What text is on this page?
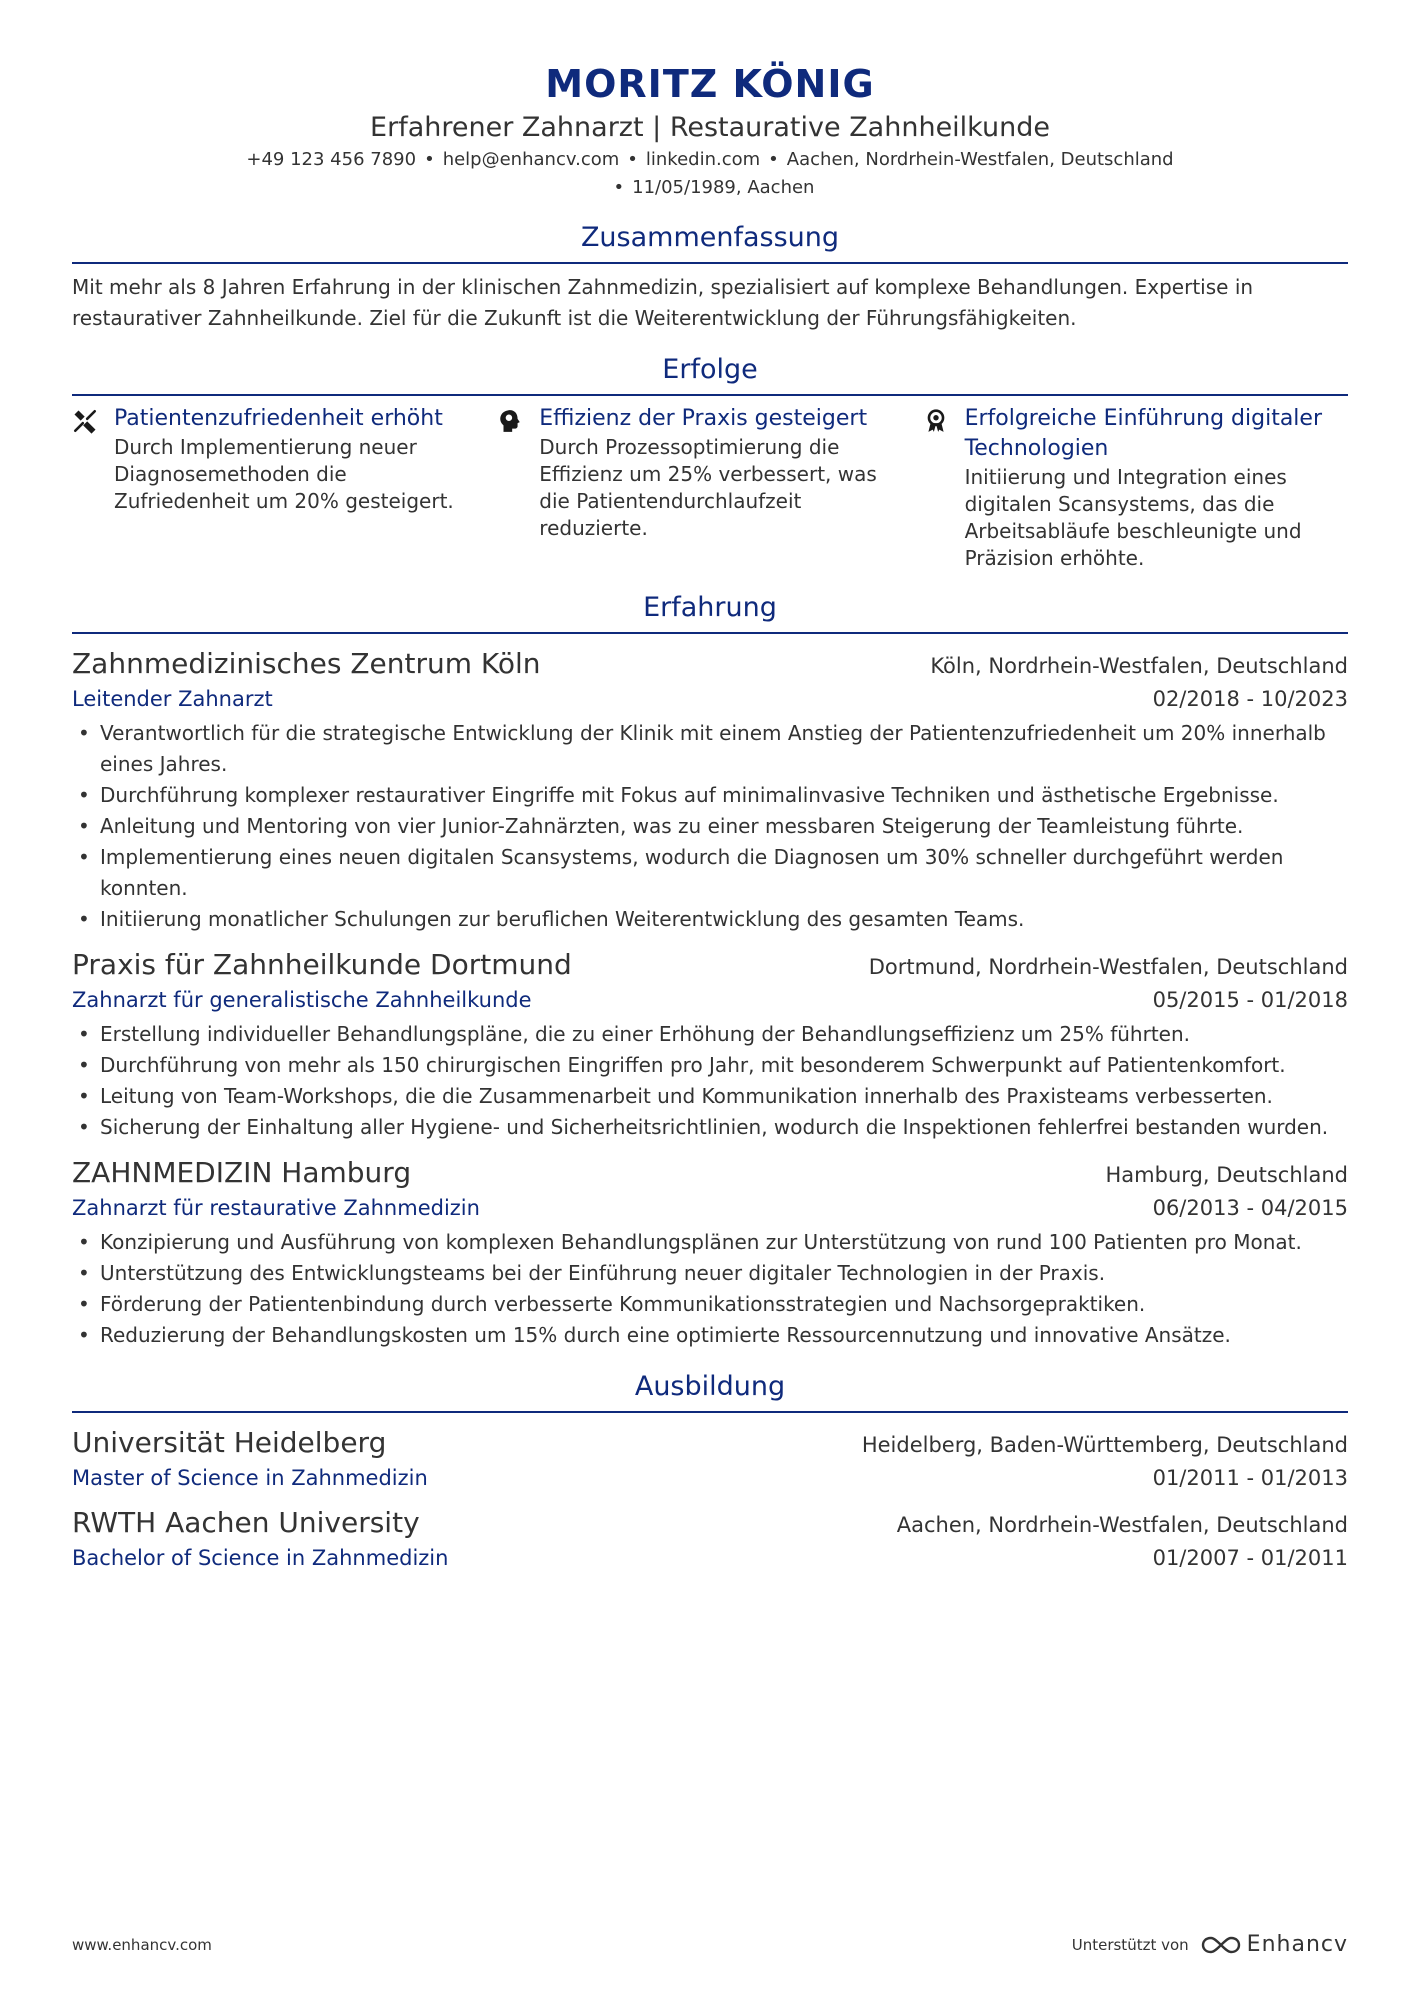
MORITZ KÖNIG
Erfahrener Zahnarzt | Restaurative Zahnheilkunde
+49 123 456 7890 • help@enhancv.com • linkedin.com • Aachen, Nordrhein-Westfalen, Deutschland
• 11/05/1989, Aachen
Zusammenfassung
Mit mehr als 8 Jahren Erfahrung in der klinischen Zahnmedizin, spezialisiert auf komplexe Behandlungen. Expertise in restaurativer Zahnheilkunde. Ziel für die Zukunft ist die Weiterentwicklung der Führungsfähigkeiten.
Erfolge
Patientenzufriedenheit erhöht
Durch Implementierung neuer Diagnosemethoden die Zufriedenheit um 20% gesteigert.
Effizienz der Praxis gesteigert
Durch Prozessoptimierung die Effizienz um 25% verbessert, was die Patientendurchlaufzeit reduzierte.
Erfolgreiche Einführung digitaler Technologien
Initiierung und Integration eines digitalen Scansystems, das die Arbeitsabläufe beschleunigte und Präzision erhöhte.
Erfahrung
Zahnmedizinisches Zentrum Köln	Köln, Nordrhein-Westfalen, Deutschland
Leitender Zahnarzt	02/2018 - 10/2023
• Verantwortlich für die strategische Entwicklung der Klinik mit einem Anstieg der Patientenzufriedenheit um 20% innerhalb eines Jahres.
• Durchführung komplexer restaurativer Eingriffe mit Fokus auf minimalinvasive Techniken und ästhetische Ergebnisse.
• Anleitung und Mentoring von vier Junior-Zahnärzten, was zu einer messbaren Steigerung der Teamleistung führte.
• Implementierung eines neuen digitalen Scansystems, wodurch die Diagnosen um 30% schneller durchgeführt werden konnten.
• Initiierung monatlicher Schulungen zur beruflichen Weiterentwicklung des gesamten Teams.
Praxis für Zahnheilkunde Dortmund	Dortmund, Nordrhein-Westfalen, Deutschland
Zahnarzt für generalistische Zahnheilkunde	05/2015 - 01/2018
• Erstellung individueller Behandlungspläne, die zu einer Erhöhung der Behandlungseffizienz um 25% führten.
• Durchführung von mehr als 150 chirurgischen Eingriffen pro Jahr, mit besonderem Schwerpunkt auf Patientenkomfort.
• Leitung von Team-Workshops, die die Zusammenarbeit und Kommunikation innerhalb des Praxisteams verbesserten.
• Sicherung der Einhaltung aller Hygiene- und Sicherheitsrichtlinien, wodurch die Inspektionen fehlerfrei bestanden wurden.
ZAHNMEDIZIN Hamburg	Hamburg, Deutschland
Zahnarzt für restaurative Zahnmedizin	06/2013 - 04/2015
• Konzipierung und Ausführung von komplexen Behandlungsplänen zur Unterstützung von rund 100 Patienten pro Monat.
• Unterstützung des Entwicklungsteams bei der Einführung neuer digitaler Technologien in der Praxis.
• Förderung der Patientenbindung durch verbesserte Kommunikationsstrategien und Nachsorgepraktiken.
• Reduzierung der Behandlungskosten um 15% durch eine optimierte Ressourcennutzung und innovative Ansätze.
Ausbildung
Universität Heidelberg	Heidelberg, Baden-Württemberg, Deutschland
Master of Science in Zahnmedizin	01/2011 - 01/2013
RWTH Aachen University	Aachen, Nordrhein-Westfalen, Deutschland
Bachelor of Science in Zahnmedizin	01/2007 - 01/2011
www.enhancv.com	Unterstützt von	Enhancv
